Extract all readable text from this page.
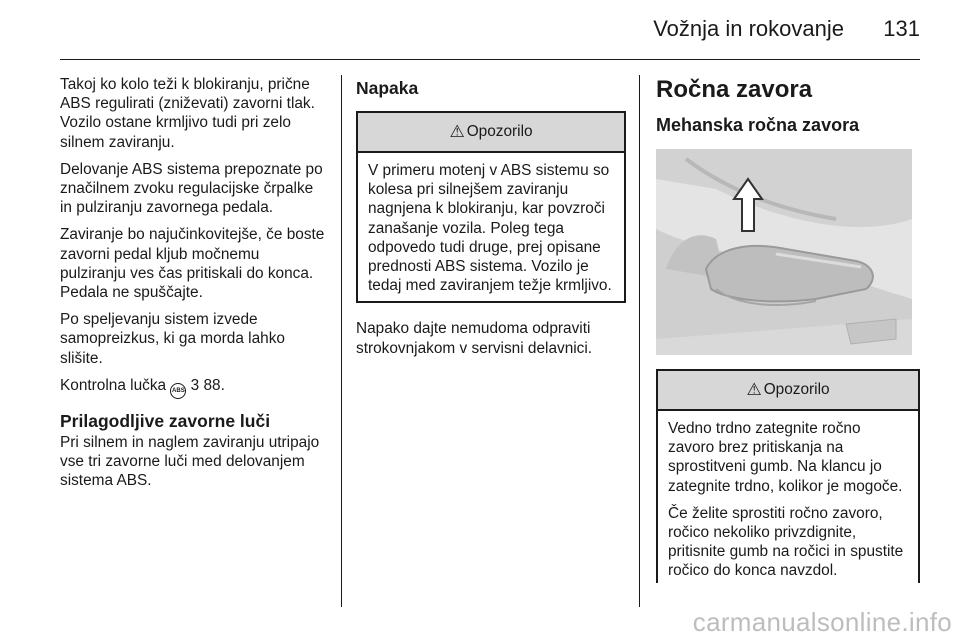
Vožnja in rokovanje 131

Takoj ko kolo teži k blokiranju, prične ABS regulirati (zniževati) zavorni tlak. Vozilo ostane krmljivo tudi pri zelo silnem zaviranju.

Delovanje ABS sistema prepoznate po značilnem zvoku regulacijske črpalke in pulziranju zavornega pedala.

Zaviranje bo najučinkovitejše, če boste zavorni pedal kljub močnemu pulziranju ves čas pritiskali do konca. Pedala ne spuščajte.

Po speljevanju sistem izvede samopreizkus, ki ga morda lahko slišite.

Kontrolna lučka ABS 3 88.

Prilagodljive zavorne luči

Pri silnem in naglem zaviranju utripajo vse tri zavorne luči med delovanjem sistema ABS.

Napaka
⚠ Opozorilo

V primeru motenj v ABS sistemu so kolesa pri silnejšem zaviranju nagnjena k blokiranju, kar povzroči zanašanje vozila. Poleg tega odpovedo tudi druge, prej opisane prednosti ABS sistema. Vozilo je tedaj med zaviranjem težje krmljivo.

Napako dajte nemudoma odpraviti strokovnjakom v servisni delavnici.

Ročna zavora
Mehanska ročna zavora
⚠ Opozorilo

Vedno trdno zategnite ročno zavoro brez pritiskanja na sprostitveni gumb. Na klancu jo zategnite trdno, kolikor je mogoče.

Če želite sprostiti ročno zavoro, ročico nekoliko privzdignite, pritisnite gumb na ročici in spustite ročico do konca navzdol.

carmanualsonline.info
